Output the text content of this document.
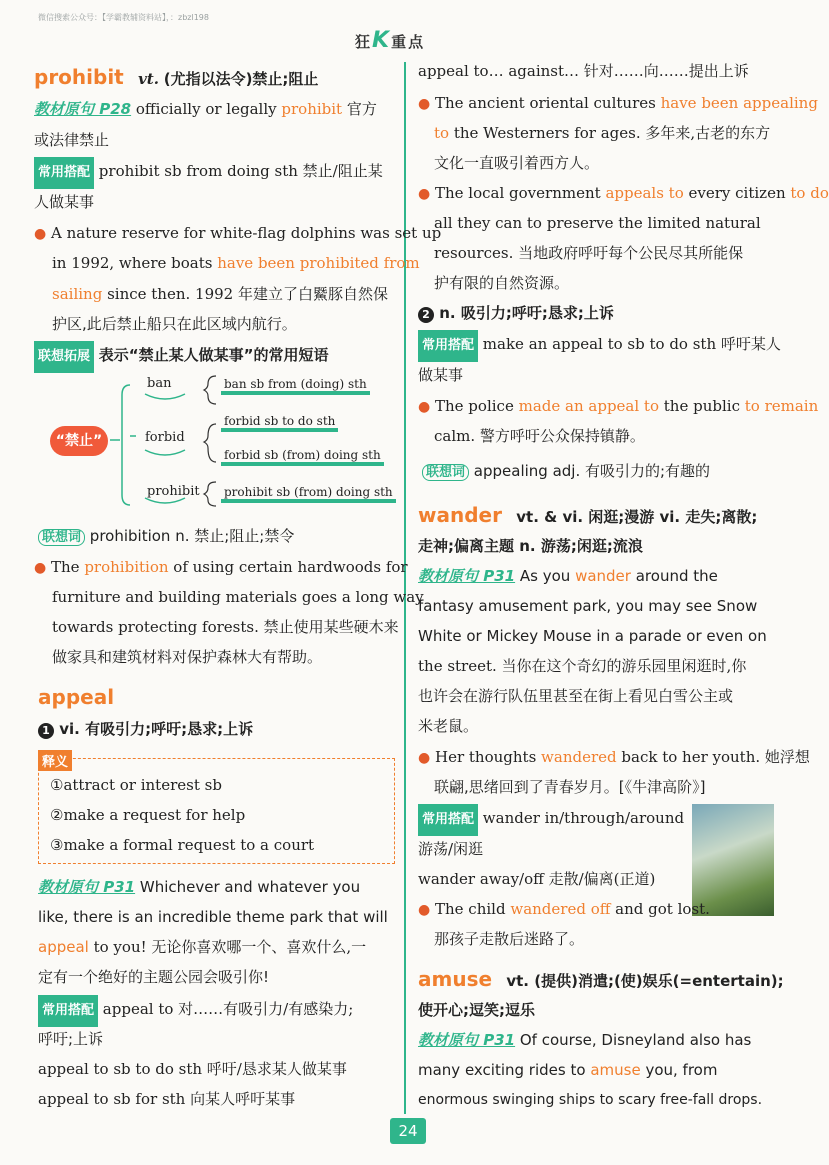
微信搜索公众号：【学霸教辅资料站】，：zbzl198
狂K重点
prohibit vt. (尤指以法令)禁止;阻止
教材原句 P28 officially or legally prohibit 官方
或法律禁止
常用搭配 prohibit sb from doing sth 禁止/阻止某
人做某事
● A nature reserve for white-flag dolphins was set up
in 1992, where boats have been prohibited from
sailing since then. 1992 年建立了白鱀豚自然保
护区,此后禁止船只在此区域内航行。
联想拓展 表示“禁止某人做某事”的常用短语
“禁止”
ban
forbid
prohibit
ban sb from (doing) sth
forbid sb to do sth
forbid sb (from) doing sth
prohibit sb (from) doing sth
联想词 prohibition n. 禁止;阻止;禁令
● The prohibition of using certain hardwoods for
furniture and building materials goes a long way
towards protecting forests. 禁止使用某些硬木来
做家具和建筑材料对保护森林大有帮助。
appeal
1 vi. 有吸引力;呼吁;恳求;上诉
释义
①attract or interest sb
②make a request for help
③make a formal request to a court
教材原句 P31 Whichever and whatever you
like, there is an incredible theme park that will
appeal to you! 无论你喜欢哪一个、喜欢什么,一
定有一个绝好的主题公园会吸引你!
常用搭配 appeal to 对……有吸引力/有感染力;
呼吁;上诉
appeal to sb to do sth 呼吁/恳求某人做某事
appeal to sb for sth 向某人呼吁某事
appeal to… against… 针对……向……提出上诉
● The ancient oriental cultures have been appealing
to the Westerners for ages. 多年来,古老的东方
文化一直吸引着西方人。
● The local government appeals to every citizen to do
all they can to preserve the limited natural
resources. 当地政府呼吁每个公民尽其所能保
护有限的自然资源。
2 n. 吸引力;呼吁;恳求;上诉
常用搭配 make an appeal to sb to do sth 呼吁某人
做某事
● The police made an appeal to the public to remain
calm. 警方呼吁公众保持镇静。
联想词 appealing adj. 有吸引力的;有趣的
wander vt. & vi. 闲逛;漫游 vi. 走失;离散;
走神;偏离主题 n. 游荡;闲逛;流浪
教材原句 P31 As you wander around the
fantasy amusement park, you may see Snow
White or Mickey Mouse in a parade or even on
the street. 当你在这个奇幻的游乐园里闲逛时,你
也许会在游行队伍里甚至在街上看见白雪公主或
米老鼠。
● Her thoughts wandered back to her youth. 她浮想
联翩,思绪回到了青春岁月。[《牛津高阶》]
常用搭配 wander in/through/around
游荡/闲逛
wander away/off 走散/偏离(正道)
● The child wandered off and got lost.
那孩子走散后迷路了。
amuse vt. (提供)消遣;(使)娱乐(=entertain);
使开心;逗笑;逗乐
教材原句 P31 Of course, Disneyland also has
many exciting rides to amuse you, from
enormous swinging ships to scary free-fall drops.
24
